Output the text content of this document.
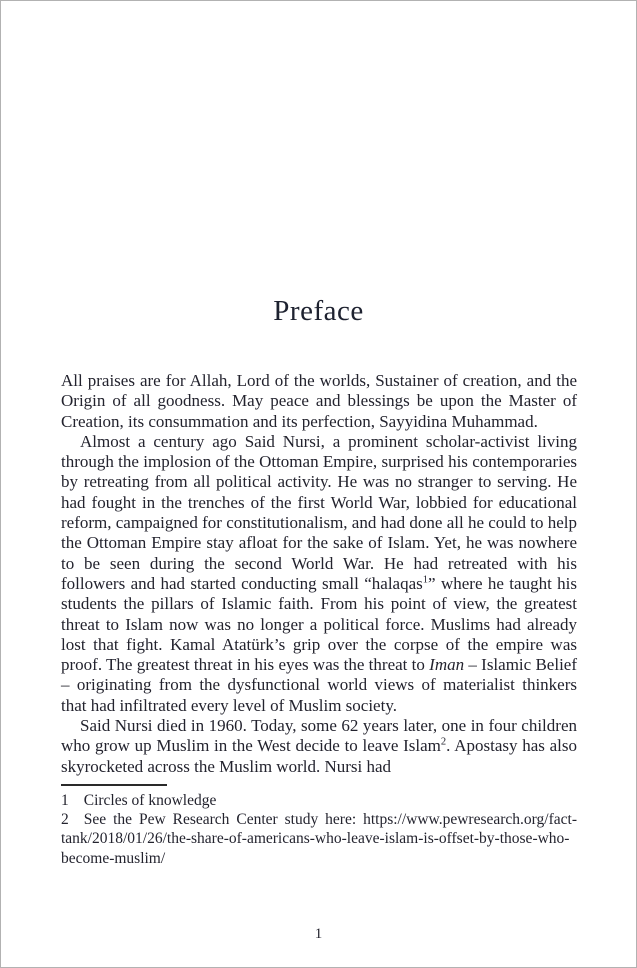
Preface

All praises are for Allah, Lord of the worlds, Sustainer of creation, and the Origin of all goodness. May peace and blessings be upon the Master of Creation, its consummation and its perfection, Sayyidina Muhammad.

Almost a century ago Said Nursi, a prominent scholar-activist living through the implosion of the Ottoman Empire, surprised his contemporaries by retreating from all political activity. He was no stranger to serving. He had fought in the trenches of the first World War, lobbied for educational reform, campaigned for constitutionalism, and had done all he could to help the Ottoman Empire stay afloat for the sake of Islam. Yet, he was nowhere to be seen during the second World War. He had retreated with his followers and had started conducting small “halaqas$^1$” where he taught his students the pillars of Islamic faith. From his point of view, the greatest threat to Islam now was no longer a political force. Muslims had already lost that fight. Kamal Atatürk’s grip over the corpse of the empire was proof. The greatest threat in his eyes was the threat to Iman – Islamic Belief – originating from the dysfunctional world views of materialist thinkers that had infiltrated every level of Muslim society.

Said Nursi died in 1960. Today, some 62 years later, one in four children who grow up Muslim in the West decide to leave Islam$^2$. Apostasy has also skyrocketed across the Muslim world. Nursi had

1 Circles of knowledge

2 See the Pew Research Center study here: https://www.pewresearch.org/fact-tank/2018/01/26/the-share-of-americans-who-leave-islam-is-offset-by-those-who-become-muslim/

1
